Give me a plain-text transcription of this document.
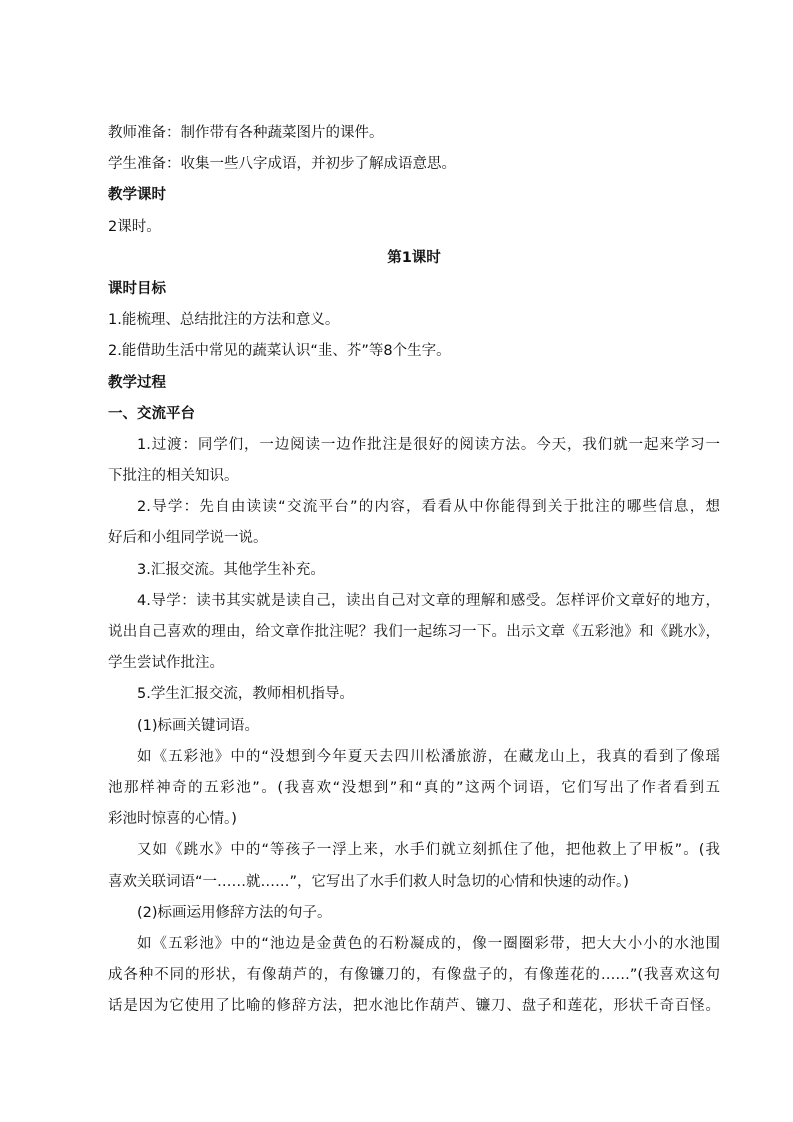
教师准备：制作带有各种蔬菜图片的课件。
学生准备：收集一些八字成语，并初步了解成语意思。
教学课时
2课时。
第1课时
课时目标
1.能梳理、总结批注的方法和意义。
2.能借助生活中常见的蔬菜认识“韭、芥”等8个生字。
教学过程
一、交流平台
1.过渡：同学们，一边阅读一边作批注是很好的阅读方法。今天，我们就一起来学习一
下批注的相关知识。
2.导学：先自由读读“交流平台”的内容，看看从中你能得到关于批注的哪些信息，想
好后和小组同学说一说。
3.汇报交流。其他学生补充。
4.导学：读书其实就是读自己，读出自己对文章的理解和感受。怎样评价文章好的地方，
说出自己喜欢的理由，给文章作批注呢？我们一起练习一下。出示文章《五彩池》和《跳水》，
学生尝试作批注。
5.学生汇报交流，教师相机指导。
(1)标画关键词语。
如《五彩池》中的“没想到今年夏天去四川松潘旅游，在藏龙山上，我真的看到了像瑶
池那样神奇的五彩池”。(我喜欢“没想到”和“真的”这两个词语，它们写出了作者看到五
彩池时惊喜的心情。)
又如《跳水》中的“等孩子一浮上来，水手们就立刻抓住了他，把他救上了甲板”。(我
喜欢关联词语“一……就……”，它写出了水手们救人时急切的心情和快速的动作。)
(2)标画运用修辞方法的句子。
如《五彩池》中的“池边是金黄色的石粉凝成的，像一圈圈彩带，把大大小小的水池围
成各种不同的形状，有像葫芦的，有像镰刀的，有像盘子的，有像莲花的……”(我喜欢这句
话是因为它使用了比喻的修辞方法，把水池比作葫芦、镰刀、盘子和莲花，形状千奇百怪。
